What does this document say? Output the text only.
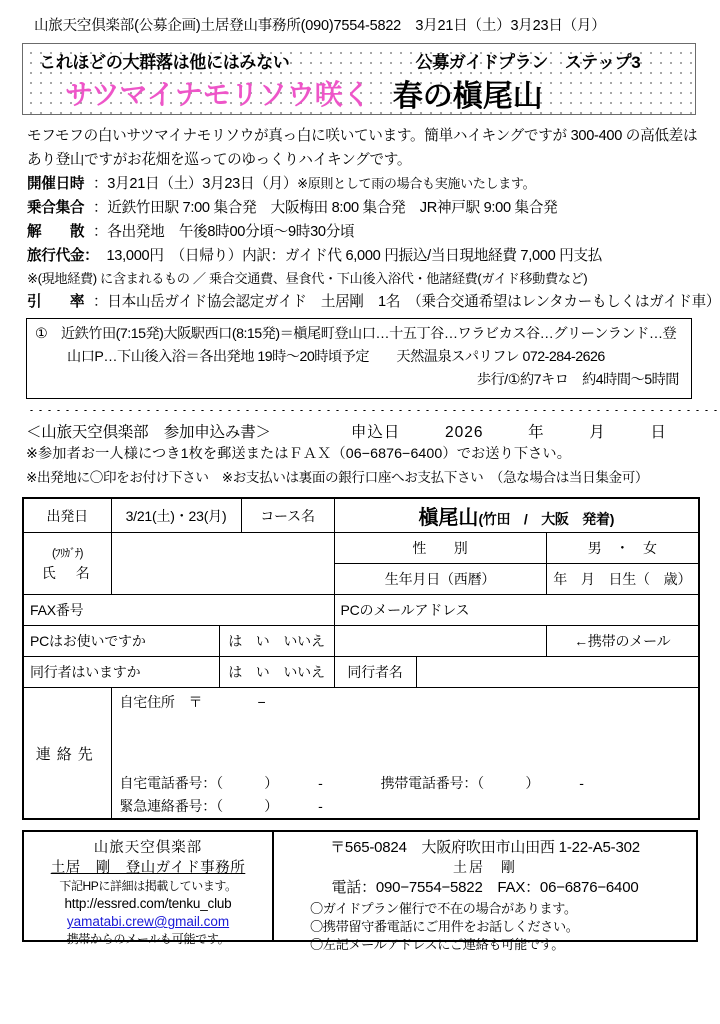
山旅天空倶楽部(公募企画)土居登山事務所(090)7554-5822　3月21日（土）3月23日（月）
これほどの大群落は他にはみない	公募ガイドプラン　ステップ3
サツマイナモリソウ咲く 春の槇尾山
モフモフの白いサツマイナモリソウが真っ白に咲いています。簡単ハイキングですが 300-400 の高低差は
あり登山ですがお花畑を巡ってのゆっくりハイキングです。
開催日時 ： 3月21日（土）3月23日（月） ※原則として雨の場合も実施いたします。
乗合集合 ： 近鉄竹田駅 7:00 集合発　大阪梅田 8:00 集合発　JR神戸駅 9:00 集合発
解　　散 ： 各出発地　午後8時00分頃〜9時30分頃
旅行代金： 13,000円　（日帰り）内訳：ガイド代 6,000 円振込/当日現地経費 7,000 円支払
※(現地経費) に含まれるもの ／ 乗合交通費、昼食代・下山後入浴代・他諸経費(ガイド移動費など)
引　　率 ： 日本山岳ガイド協会認定ガイド　土居剛　1名　（乗合交通希望はレンタカーもしくはガイド車）
①　近鉄竹田(7:15発)大阪駅西口(8:15発)＝槇尾町登山口…十五丁谷…ワラビカス谷…グリーンランド…登
山口P…下山後入浴＝各出発地 19時〜20時頃予定　　天然温泉スパリフレ 072-284-2626
歩行/①約7キロ　約4時間〜5時間
＜山旅天空倶楽部　参加申込み書＞	申込日	2026	年	月	日
※参加者お一人様につき1枚を郵送またはＦＡＸ（06−6876−6400）でお送り下さい。
※出発地に〇印をお付け下さい　※お支払いは裏面の銀行口座へお支払下さい　（急な場合は当日集金可）
出発日	3/21(土)・23(月)		コース名	槇尾山(竹田　/　大阪　発着)		

(ﾌﾘｶﾞﾅ)
氏　名				性　　別		男　・　女
				生年月日（西暦）		年　月　日生（　歳）
FAX番号				PCのメールアドレス		
PCはお使いですか		は　い　いいえ				←携帯のメール
同行者はいますか		は　い　いいえ		同行者名		
連絡先	自宅住所　〒　　　　−
自宅電話番号：（　　　） - 携帯電話番号：（　　　） -
緊急連絡番号：（　　　） -					
山旅天空倶楽部
土居　剛　登山ガイド事務所
下記HPに詳細は掲載しています。
http://essred.com/tenku_club
yamatabi.crew@gmail.com
携帯からのメールも可能です。
〒565-0824　大阪府吹田市山田西 1-22-A5-302
土居　剛
電話：090−7554−5822　FAX：06−6876−6400
〇ガイドプラン催行で不在の場合があります。
〇携帯留守番電話にご用件をお話しください。
〇左記メールアドレスにご連絡も可能です。
